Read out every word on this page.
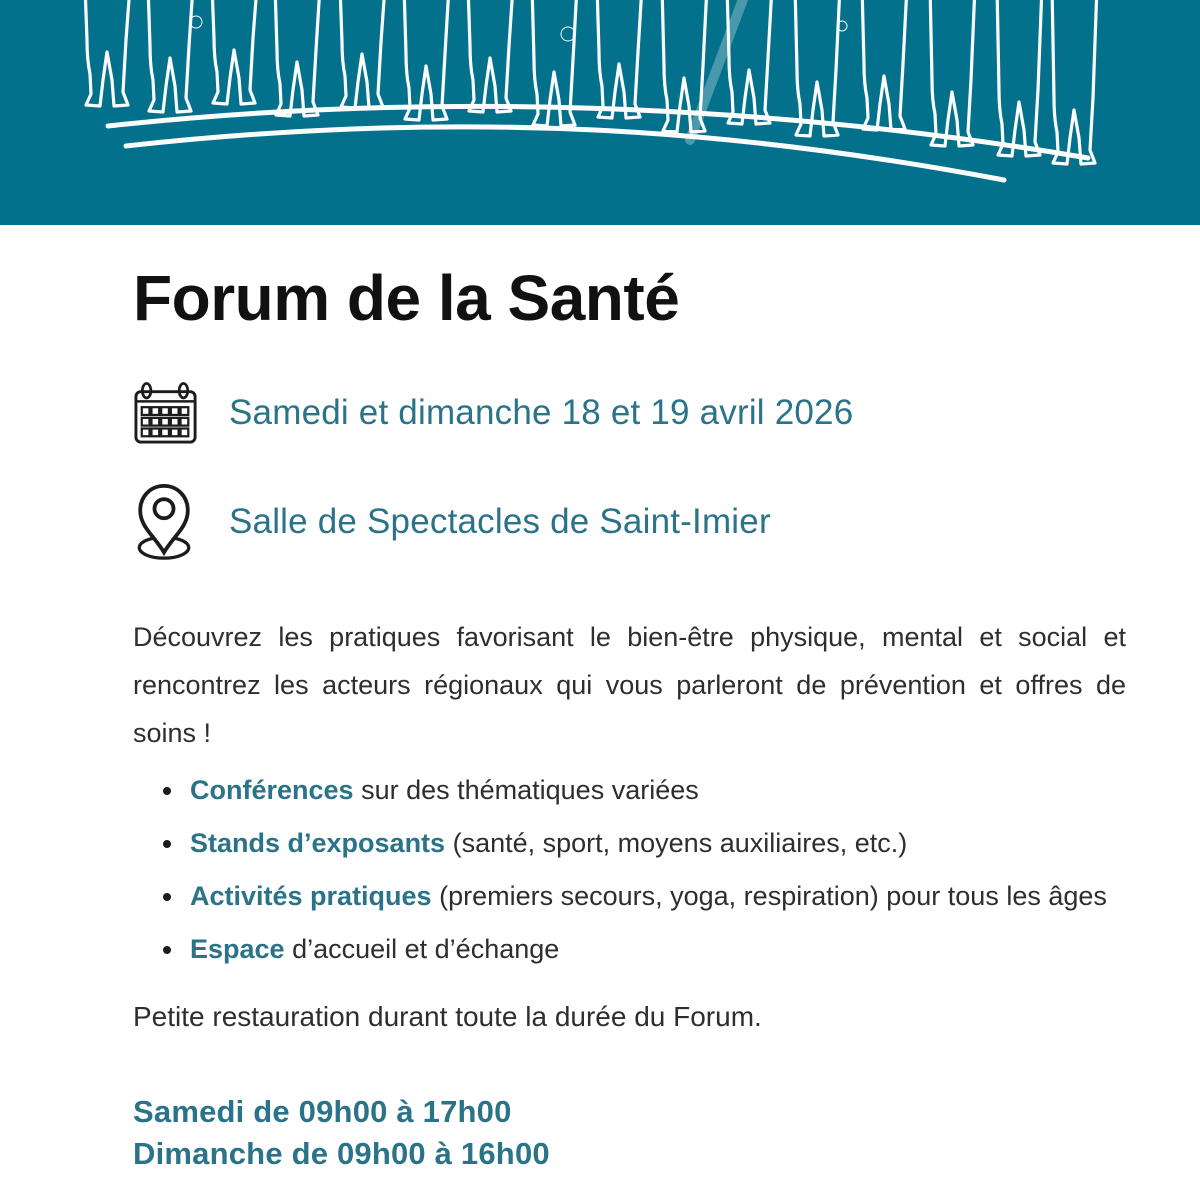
Forum de la Santé
Samedi et dimanche 18 et 19 avril 2026
Salle de Spectacles de Saint-Imier

Découvrez les pratiques favorisant le bien-être physique, mental et social et rencontrez les acteurs régionaux qui vous parleront de prévention et offres de soins !

Conférences sur des thématiques variées
Stands d’exposants (santé, sport, moyens auxiliaires, etc.)
Activités pratiques (premiers secours, yoga, respiration) pour tous les âges
Espace d’accueil et d’échange

Petite restauration durant toute la durée du Forum.

Samedi de 09h00 à 17h00
Dimanche de 09h00 à 16h00
